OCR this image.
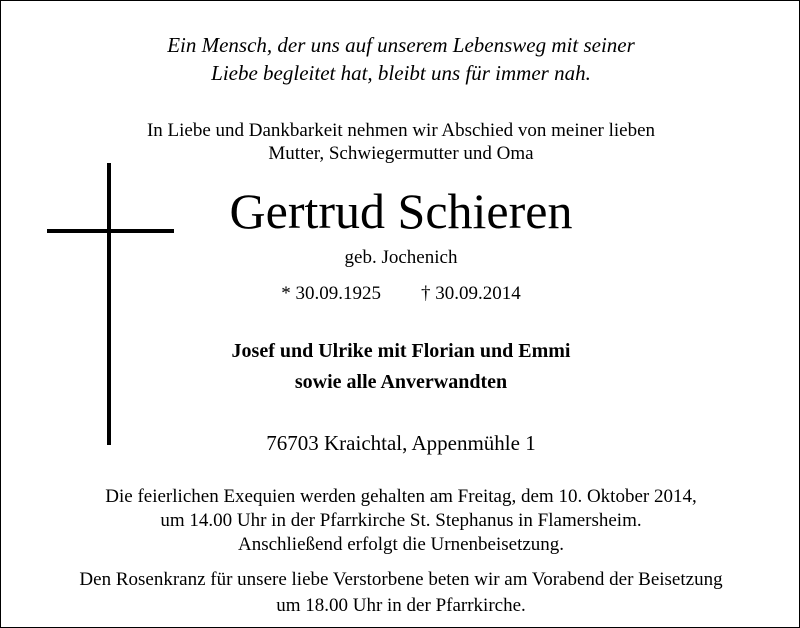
Ein Mensch, der uns auf unserem Lebensweg mit seiner
Liebe begleitet hat, bleibt uns für immer nah.
In Liebe und Dankbarkeit nehmen wir Abschied von meiner lieben
Mutter, Schwiegermutter und Oma
Gertrud Schieren
geb. Jochenich
* 30.09.1925 † 30.09.2014
Josef und Ulrike mit Florian und Emmi
sowie alle Anverwandten
76703 Kraichtal, Appenmühle 1
Die feierlichen Exequien werden gehalten am Freitag, dem 10. Oktober 2014,
um 14.00 Uhr in der Pfarrkirche St. Stephanus in Flamersheim.
Anschließend erfolgt die Urnenbeisetzung.
Den Rosenkranz für unsere liebe Verstorbene beten wir am Vorabend der Beisetzung
um 18.00 Uhr in der Pfarrkirche.
